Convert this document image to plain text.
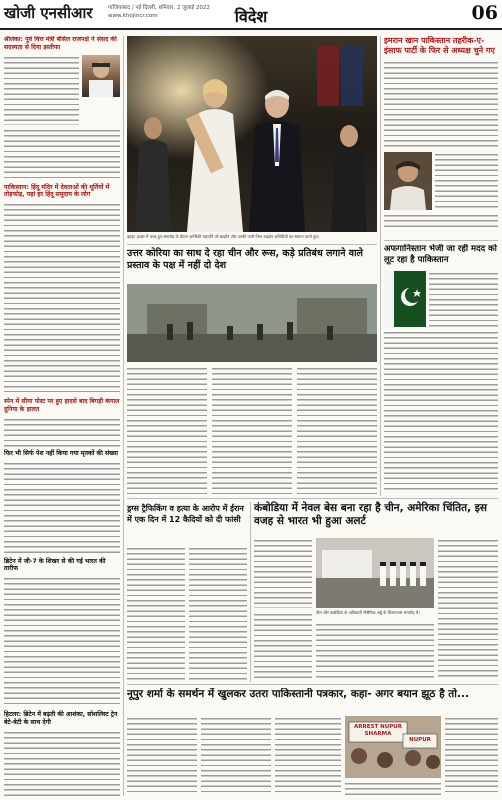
खोजी एनसीआर	गाजियाबाद / नई दिल्ली, शनिवार, 2 जुलाई 2022
www.khojincr.com	विदेश	06
श्रीलंका: पूर्व वित्त मंत्री बेसिल राजपक्षे ने संसद की सदस्यता से दिया इस्तीफा
पाकिस्तान: हिंदू मंदिर में देवताओं की मूर्तियों में तोड़फोड़, यहां हर हिंदू समुदाय के लोग
स्पेन में सीमा पोस्ट पर हुए हादसे बाद बिगड़ी कंगाल दुनिया के हालत
फिर भी सिर्फ पेश नहीं किया गया मृतकों की संख्या
ब्रिटेन में जी-7 के शिखर से की गई भारत की तारीफ
हिटलर: ब्रिटेन में बढ़ती की आशंका, सोशलिस्ट ट्रेन बेटे-बेटी के साथ देगी
व्हाइट हाउस में जल्द हुए समारोह के दौरान अमेरिकी राष्ट्रपति जो बाइडेन और उनकी पत्नी जिल बाइडेन अतिथियों का स्वागत करते हुए।
इमरान खान पाकिस्तान तहरीक-ए-इंसाफ पार्टी के फिर से अध्यक्ष चुने गए
अफगानिस्तान भेजी जा रही मदद को लूट रहा है पाकिस्तान
उत्तर कोरिया का साथ दे रहा चीन और रूस, कड़े प्रतिबंध लगाने वाले प्रस्ताव के पक्ष में नहीं दो देश
ड्रग्स ट्रैफिकिंग व हत्या के आरोप में ईरान में एक दिन में 12 कैदियों को दी फांसी
कंबोडिया में नेवल बेस बना रहा है चीन, अमेरिका चिंतित, इस वजह से भारत भी हुआ अलर्ट
चीन और कंबोडिया के अधिकारी नौसैनिक अड्डे के शिलान्यास समारोह में।
नूपुर शर्मा के समर्थन में खुलकर उतरा पाकिस्तानी पत्रकार, कहा- अगर बयान झूठ है तो...
ARREST NUPUR SHARMA
NUPUR
